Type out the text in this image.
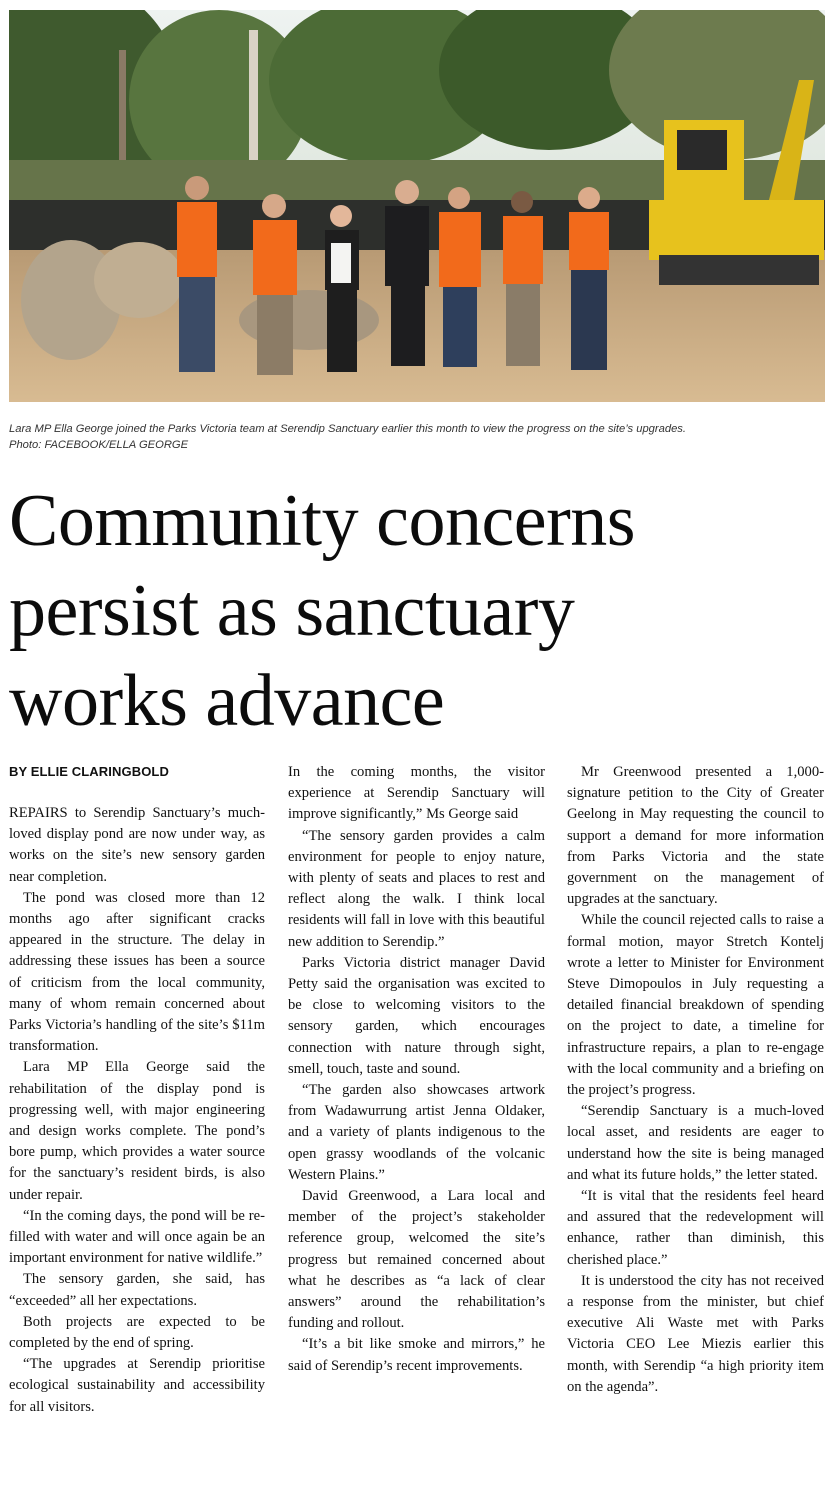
Lara MP Ella George joined the Parks Victoria team at Serendip Sanctuary earlier this month to view the progress on the site’s upgrades.
Photo: FACEBOOK/ELLA GEORGE
Community concerns
persist as sanctuary
works advance
BY ELLIE CLARINGBOLD

REPAIRS to Serendip Sanctuary’s much-loved display pond are now under way, as works on the site’s new sensory garden near completion.

The pond was closed more than 12 months ago after significant cracks appeared in the structure. The delay in addressing these issues has been a source of criticism from the local community, many of whom remain concerned about Parks Victoria’s handling of the site’s $11m transformation.

Lara MP Ella George said the rehabilitation of the display pond is progressing well, with major engineering and design works complete. The pond’s bore pump, which provides a water source for the sanctuary’s resident birds, is also under repair.

“In the coming days, the pond will be re-filled with water and will once again be an important environment for native wildlife.”

The sensory garden, she said, has “exceeded” all her expectations.

Both projects are expected to be completed by the end of spring.

“The upgrades at Serendip prioritise ecological sustainability and accessibility for all visitors.

In the coming months, the visitor experience at Serendip Sanctuary will improve significantly,” Ms George said

“The sensory garden provides a calm environment for people to enjoy nature, with plenty of seats and places to rest and reflect along the walk. I think local residents will fall in love with this beautiful new addition to Serendip.”

Parks Victoria district manager David Petty said the organisation was excited to be close to welcoming visitors to the sensory garden, which encourages connection with nature through sight, smell, touch, taste and sound.

“The garden also showcases artwork from Wadawurrung artist Jenna Oldaker, and a variety of plants indigenous to the open grassy woodlands of the volcanic Western Plains.”

David Greenwood, a Lara local and member of the project’s stakeholder reference group, welcomed the site’s progress but remained concerned about what he describes as “a lack of clear answers” around the rehabilitation’s funding and rollout.

“It’s a bit like smoke and mirrors,” he said of Serendip’s recent improvements.

Mr Greenwood presented a 1,000-signature petition to the City of Greater Geelong in May requesting the council to support a demand for more information from Parks Victoria and the state government on the management of upgrades at the sanctuary.

While the council rejected calls to raise a formal motion, mayor Stretch Kontelj wrote a letter to Minister for Environment Steve Dimopoulos in July requesting a detailed financial breakdown of spending on the project to date, a timeline for infrastructure repairs, a plan to re-engage with the local community and a briefing on the project’s progress.

“Serendip Sanctuary is a much-loved local asset, and residents are eager to understand how the site is being managed and what its future holds,” the letter stated.

“It is vital that the residents feel heard and assured that the redevelopment will enhance, rather than diminish, this cherished place.”

It is understood the city has not received a response from the minister, but chief executive Ali Waste met with Parks Victoria CEO Lee Miezis earlier this month, with Serendip “a high priority item on the agenda”.
